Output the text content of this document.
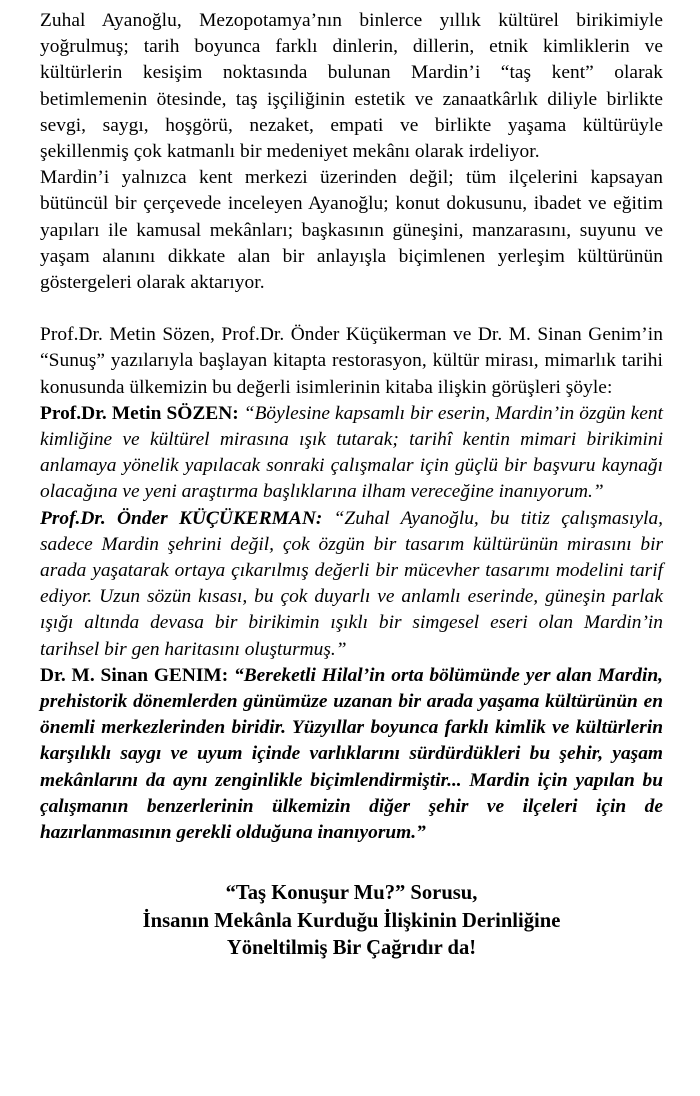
Zuhal Ayanoğlu, Mezopotamya’nın binlerce yıllık kültürel birikimiyle yoğrulmuş; tarih boyunca farklı dinlerin, dillerin, etnik kimliklerin ve kültürlerin kesişim noktasında bulunan Mardin’i “taş kent” olarak betimlemenin ötesinde, taş işçiliğinin estetik ve zanaatkârlık diliyle birlikte sevgi, saygı, hoşgörü, nezaket, empati ve birlikte yaşama kültürüyle şekillenmiş çok katmanlı bir medeniyet mekânı olarak irdeliyor.

Mardin’i yalnızca kent merkezi üzerinden değil; tüm ilçelerini kapsayan bütüncül bir çerçevede inceleyen Ayanoğlu; konut dokusunu, ibadet ve eğitim yapıları ile kamusal mekânları; başkasının güneşini, manzarasını, suyunu ve yaşam alanını dikkate alan bir anlayışla biçimlenen yerleşim kültürünün göstergeleri olarak aktarıyor.

Prof.Dr. Metin Sözen, Prof.Dr. Önder Küçükerman ve Dr. M. Sinan Genim’in “Sunuş” yazılarıyla başlayan kitapta restorasyon, kültür mirası, mimarlık tarihi konusunda ülkemizin bu değerli isimlerinin kitaba ilişkin görüşleri şöyle:

Prof.Dr. Metin SÖZEN: “Böylesine kapsamlı bir eserin, Mardin’in özgün kent kimliğine ve kültürel mirasına ışık tutarak; tarihî kentin mimari birikimini anlamaya yönelik yapılacak sonraki çalışmalar için güçlü bir başvuru kaynağı olacağına ve yeni araştırma başlıklarına ilham vereceğine inanıyorum.”

Prof.Dr. Önder KÜÇÜKERMAN: “Zuhal Ayanoğlu, bu titiz çalışmasıyla, sadece Mardin şehrini değil, çok özgün bir tasarım kültürünün mirasını bir arada yaşatarak ortaya çıkarılmış değerli bir mücevher tasarımı modelini tarif ediyor. Uzun sözün kısası, bu çok duyarlı ve anlamlı eserinde, güneşin parlak ışığı altında devasa bir birikimin ışıklı bir simgesel eseri olan Mardin’in tarihsel bir gen haritasını oluşturmuş.”

Dr. M. Sinan GENIM: “Bereketli Hilal’in orta bölümünde yer alan Mardin, prehistorik dönemlerden günümüze uzanan bir arada yaşama kültürünün en önemli merkezlerinden biridir. Yüzyıllar boyunca farklı kimlik ve kültürlerin karşılıklı saygı ve uyum içinde varlıklarını sürdürdükleri bu şehir, yaşam mekânlarını da aynı zenginlikle biçimlendirmiştir... Mardin için yapılan bu çalışmanın benzerlerinin ülkemizin diğer şehir ve ilçeleri için de hazırlanmasının gerekli olduğuna inanıyorum.”

“Taş Konuşur Mu?” Sorusu,
İnsanın Mekânla Kurduğu İlişkinin Derinliğine
Yöneltilmiş Bir Çağrıdır da!
